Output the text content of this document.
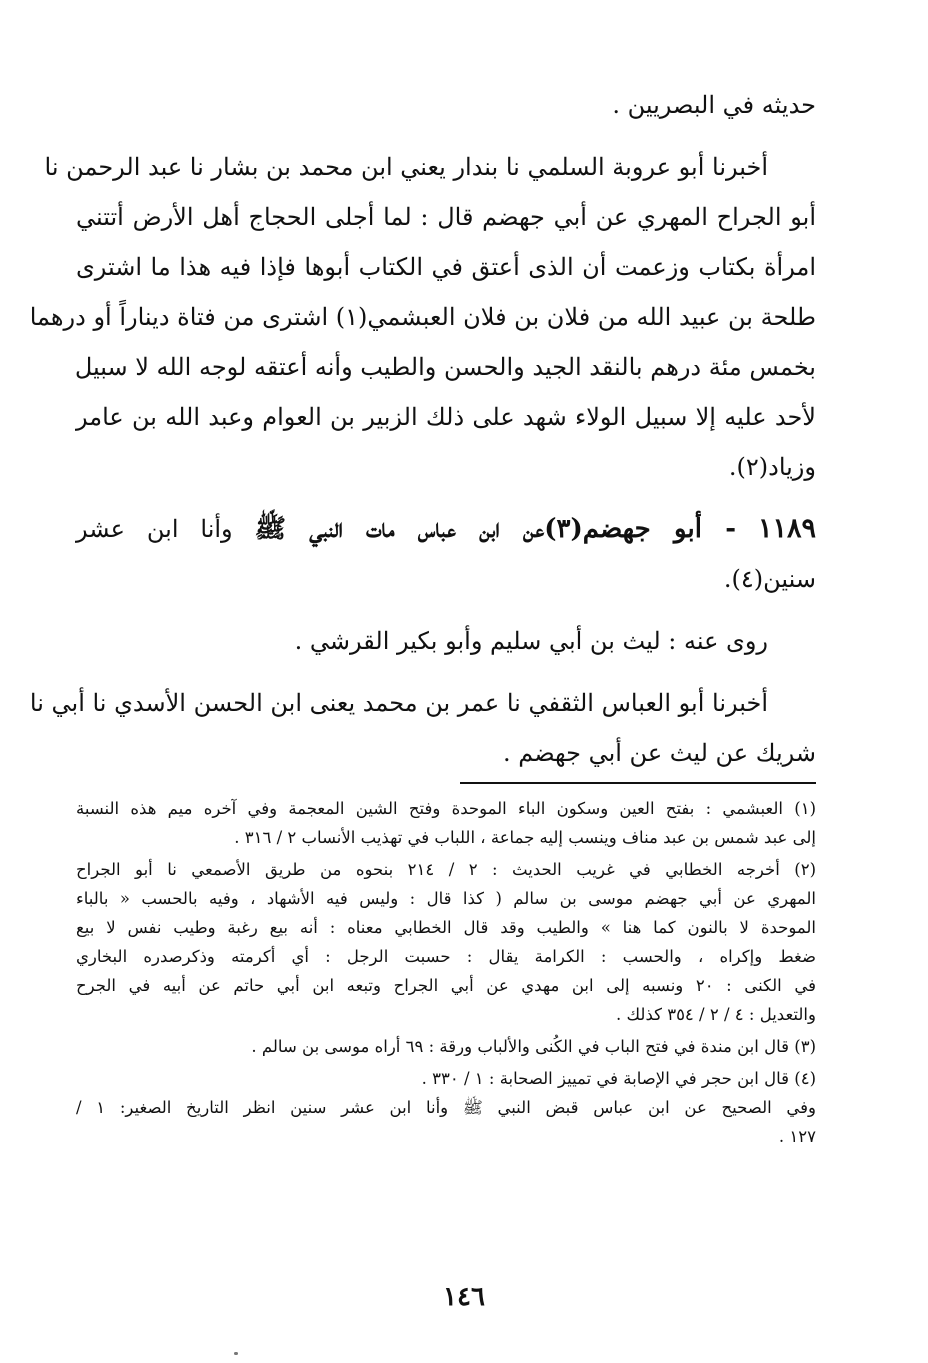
حديثه في البصريين .
أخبرنا أبو عروبة السلمي نا بندار يعني ابن محمد بن بشار نا عبد الرحمن نا
أبو الجراح المهري عن أبي جهضم قال : لما أجلى الحجاج أهل الأرض أتتني
امرأة بكتاب وزعمت أن الذى أعتق في الكتاب أبوها فإذا فيه هذا ما اشترى
طلحة بن عبيد الله من فلان بن فلان العبشمي(١) اشترى من فتاة ديناراً أو درهما
بخمس مئة درهم بالنقد الجيد والحسن والطيب وأنه أعتقه لوجه الله لا سبيل
لأحد عليه إلا سبيل الولاء شهد على ذلك الزبير بن العوام وعبد الله بن عامر
وزياد(٢).
١١٨٩ - أبو جهضم(٣)عن ابن عباس مات النبي ﷺ وأنا ابن عشر
سنين(٤).
روى عنه : ليث بن أبي سليم وأبو بكير القرشي .
أخبرنا أبو العباس الثقفي نا عمر بن محمد يعنى ابن الحسن الأسدي نا أبي نا
شريك عن ليث عن أبي جهضم .
(١) العبشمي : بفتح العين وسكون الباء الموحدة وفتح الشين المعجمة وفي آخره ميم هذه النسبة
إلى عبد شمس بن عبد مناف وينسب إليه جماعة ، اللباب في تهذيب الأنساب ٢ / ٣١٦ .
(٢) أخرجه الخطابي في غريب الحديث : ٢ / ٢١٤ بنحوه من طريق الأصمعي نا أبو الجراح
المهري عن أبي جهضم موسى بن سالم ( كذا قال : وليس فيه الأشهاد ، وفيه بالحسب « بالباء
الموحدة لا بالنون كما هنا » والطيب وقد قال الخطابي معناه : أنه بيع رغبة وطيب نفس لا بيع
ضغط وإكراه ، والحسب : الكرامة يقال : حسبت الرجل : أي أكرمته وذكرصدره البخاري
في الكنى : ٢٠ ونسبه إلى ابن مهدي عن أبي الجراح وتبعه ابن أبي حاتم عن أبيه في الجرح
والتعديل : ٤ / ٢ / ٣٥٤ كذلك .
(٣) قال ابن مندة في فتح الباب في الكُنى والألباب ورقة : ٦٩ أراه موسى بن سالم .
(٤) قال ابن حجر في الإصابة في تمييز الصحابة : ١ / ٣٣٠ .
وفي الصحيح عن ابن عباس قبض النبي ﷺ وأنا ابن عشر سنين انظر التاريخ الصغير: ١ /
١٢٧ .
١٤٦
